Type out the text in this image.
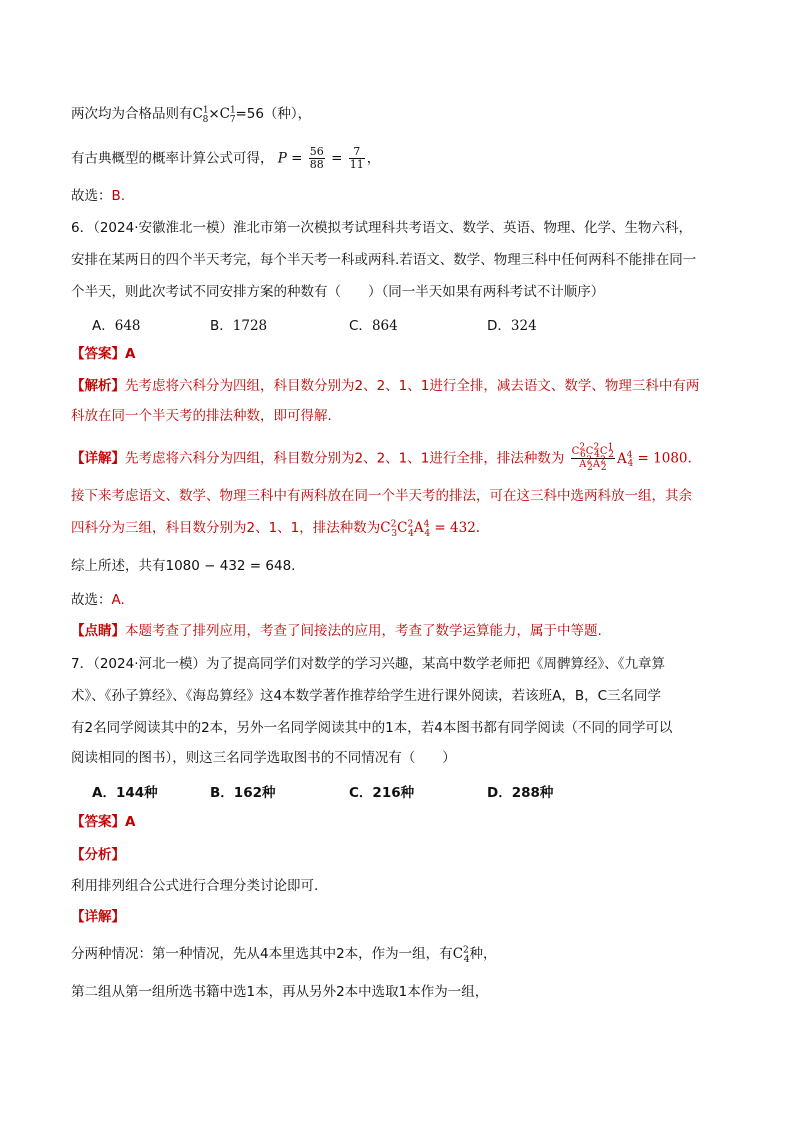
两次均为合格品则有$C^1_8\times C^1_7=56$（种），
有古典概型的概率计算公式可得， $P = \frac{56}{88} = \frac{7}{11}$ ，
故选：B.
6．（2024·安徽淮北一模）淮北市第一次模拟考试理科共考语文、数学、英语、物理、化学、生物六科，
安排在某两日的四个半天考完，每个半天考一科或两科.若语文、数学、物理三科中任何两科不能排在同一
个半天，则此次考试不同安排方案的种数有（　　）（同一半天如果有两科考试不计顺序）
A．648	B．1728	C．864	D．324
【答案】A
【解析】先考虑将六科分为四组，科目数分别为2、2、1、1进行全排，减去语文、数学、物理三科中有两
科放在同一个半天考的排法种数，即可得解.
【详解】先考虑将六科分为四组，科目数分别为2、2、1、1进行全排，排法种数为 $\frac{C^2_6C^2_4C^1_2}{A^2_2A^2_2} A^4_4 = 1080$.
接下来考虑语文、数学、物理三科中有两科放在同一个半天考的排法，可在这三科中选两科放一组，其余
四科分为三组，科目数分别为2、1、1，排法种数为$C^2_3C^2_4A^4_4 = 432$.
综上所述，共有1080 − 432 = 648.
故选：A.
【点睛】本题考查了排列应用，考查了间接法的应用，考查了数学运算能力，属于中等题.
7．（2024·河北一模）为了提高同学们对数学的学习兴趣，某高中数学老师把《周髀算经》、《九章算
术》、《孙子算经》、《海岛算经》这4本数学著作推荐给学生进行课外阅读，若该班A，B，C三名同学
有2名同学阅读其中的2本，另外一名同学阅读其中的1本，若4本图书都有同学阅读（不同的同学可以
阅读相同的图书），则这三名同学选取图书的不同情况有（　　）
A．144种	B．162种	C．216种	D．288种
【答案】A
【分析】
利用排列组合公式进行合理分类讨论即可.
【详解】
分两种情况：第一种情况，先从4本里选其中2本，作为一组，有$C^2_4$种，
第二组从第一组所选书籍中选1本，再从另外2本中选取1本作为一组，
